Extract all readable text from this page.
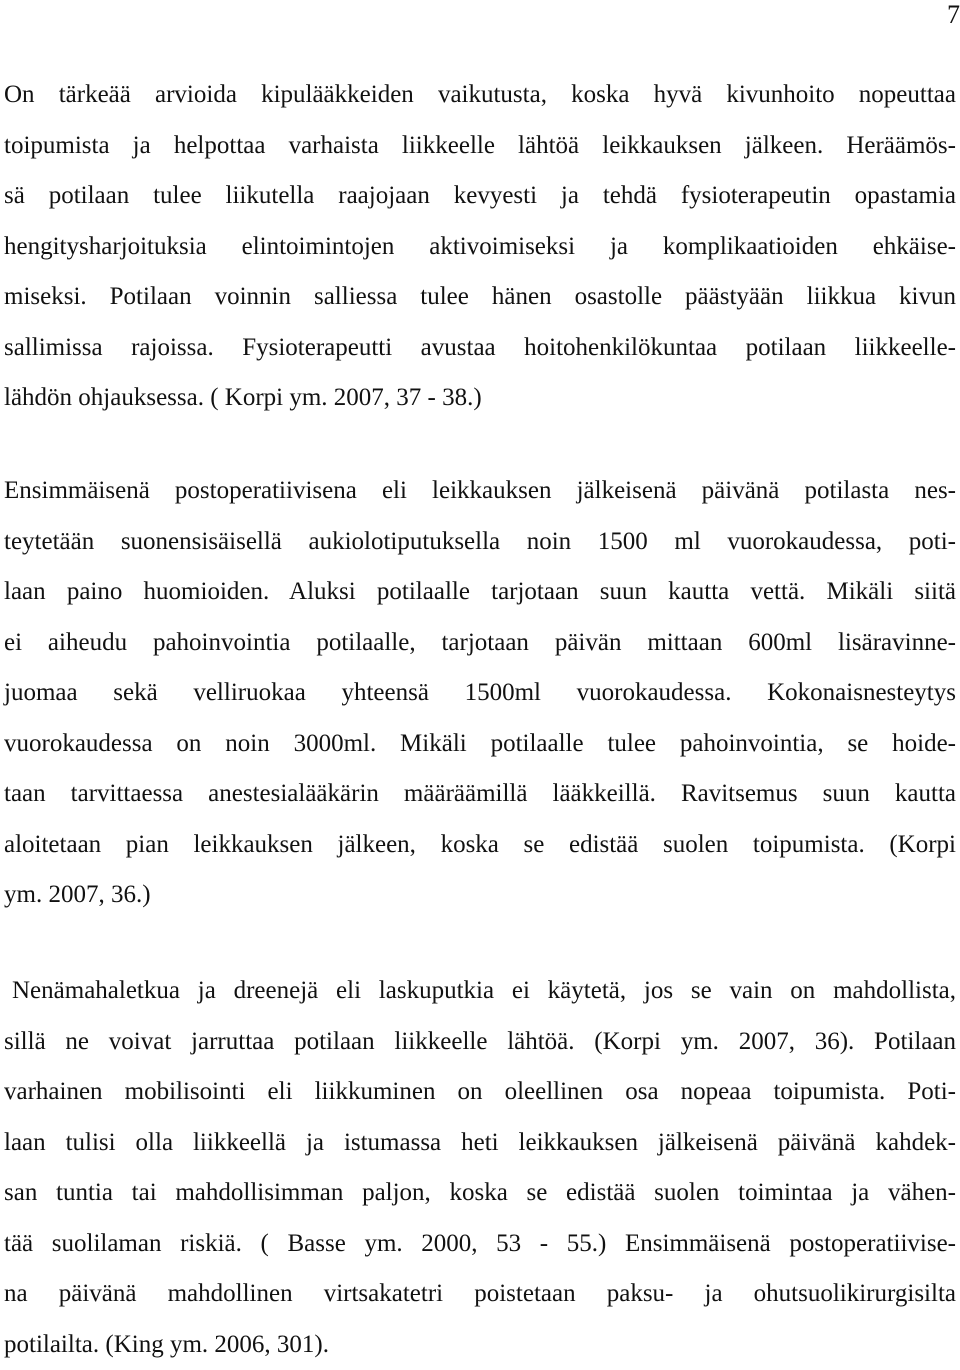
7
On tärkeää arvioida kipulääkkeiden vaikutusta, koska hyvä kivunhoito nopeuttaa
toipumista ja helpottaa varhaista liikkeelle lähtöä leikkauksen jälkeen. Heräämös-
sä potilaan tulee liikutella raajojaan kevyesti ja tehdä fysioterapeutin opastamia
hengitysharjoituksia elintoimintojen aktivoimiseksi ja komplikaatioiden ehkäise-
miseksi. Potilaan voinnin salliessa tulee hänen osastolle päästyään liikkua kivun
sallimissa rajoissa. Fysioterapeutti avustaa hoitohenkilökuntaa potilaan liikkeelle-
lähdön ohjauksessa. ( Korpi ym. 2007, 37 - 38.)
Ensimmäisenä postoperatiivisena eli leikkauksen jälkeisenä päivänä potilasta nes-
teytetään suonensisäisellä aukiolotiputuksella noin 1500 ml vuorokaudessa, poti-
laan paino huomioiden. Aluksi potilaalle tarjotaan suun kautta vettä. Mikäli siitä
ei aiheudu pahoinvointia potilaalle, tarjotaan päivän mittaan 600ml lisäravinne-
juomaa sekä velliruokaa yhteensä 1500ml vuorokaudessa. Kokonaisnesteytys
vuorokaudessa on noin 3000ml. Mikäli potilaalle tulee pahoinvointia, se hoide-
taan tarvittaessa anestesialääkärin määräämillä lääkkeillä. Ravitsemus suun kautta
aloitetaan pian leikkauksen jälkeen, koska se edistää suolen toipumista. (Korpi
ym. 2007, 36.)
Nenämahaletkua ja dreenejä eli laskuputkia ei käytetä, jos se vain on mahdollista,
sillä ne voivat jarruttaa potilaan liikkeelle lähtöä. (Korpi ym. 2007, 36). Potilaan
varhainen mobilisointi eli liikkuminen on oleellinen osa nopeaa toipumista. Poti-
laan tulisi olla liikkeellä ja istumassa heti leikkauksen jälkeisenä päivänä kahdek-
san tuntia tai mahdollisimman paljon, koska se edistää suolen toimintaa ja vähen-
tää suolilaman riskiä. ( Basse ym. 2000, 53 - 55.) Ensimmäisenä postoperatiivise-
na päivänä mahdollinen virtsakatetri poistetaan paksu- ja ohutsuolikirurgisilta
potilailta. (King ym. 2006, 301).
